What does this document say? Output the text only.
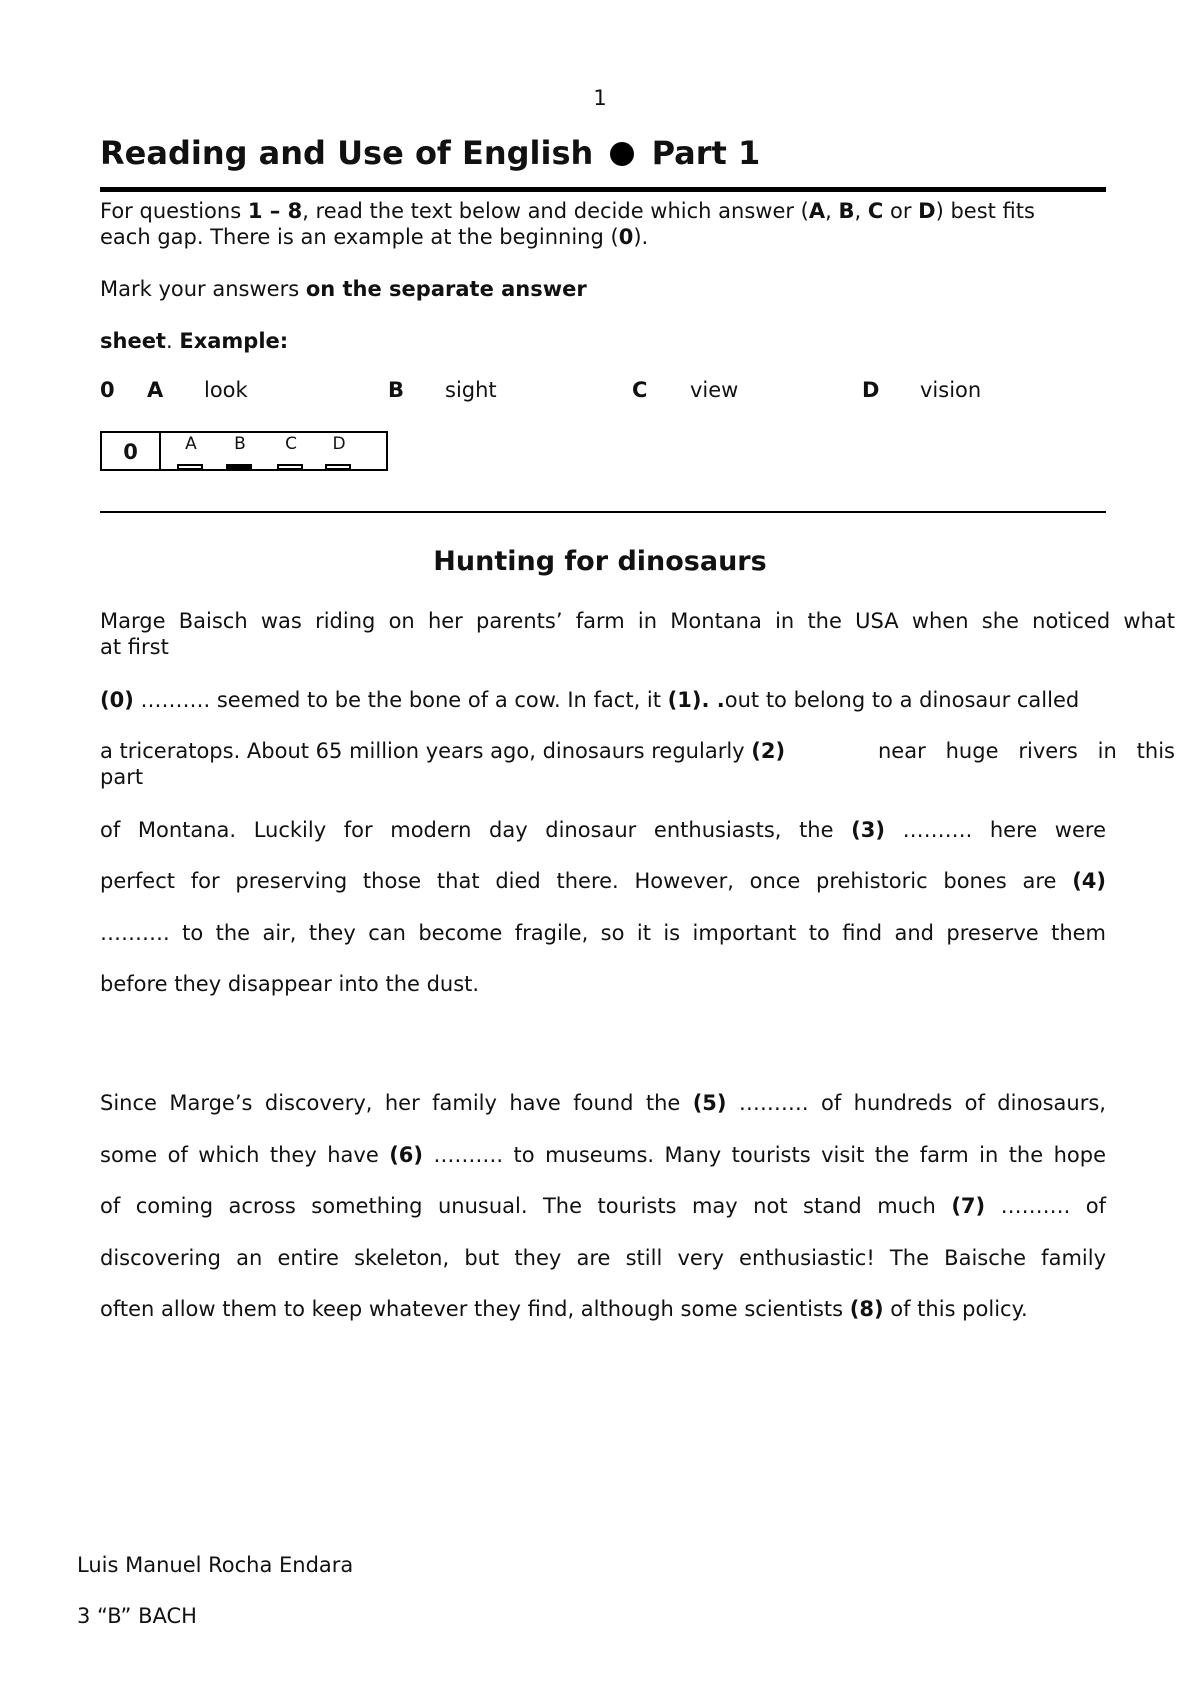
1
Reading and Use of English Part 1
For questions 1 – 8, read the text below and decide which answer (A, B, C or D) best fits
each gap. There is an example at the beginning (0).
Mark your answers on the separate answer
sheet. Example:
0 A look	B sight	C view	D vision
0	A	B	C	D
Hunting for dinosaurs
Marge Baisch was riding on her parents’ farm in Montana in the USA when she noticed what
at first
(0) ………. seemed to be the bone of a cow. In fact, it (1). .out to belong to a dinosaur called
a triceratops. About 65 million years ago, dinosaurs regularly (2)	near huge rivers in this
part
of Montana. Luckily for modern day dinosaur enthusiasts, the (3) ………. here were
perfect for preserving those that died there. However, once prehistoric bones are (4)
………. to the air, they can become fragile, so it is important to find and preserve them
before they disappear into the dust.
Since Marge’s discovery, her family have found the (5) ………. of hundreds of dinosaurs,
some of which they have (6) ………. to museums. Many tourists visit the farm in the hope
of coming across something unusual. The tourists may not stand much (7) ………. of
discovering an entire skeleton, but they are still very enthusiastic! The Baische family
often allow them to keep whatever they find, although some scientists (8) of this policy.
Luis Manuel Rocha Endara
3 “B” BACH
